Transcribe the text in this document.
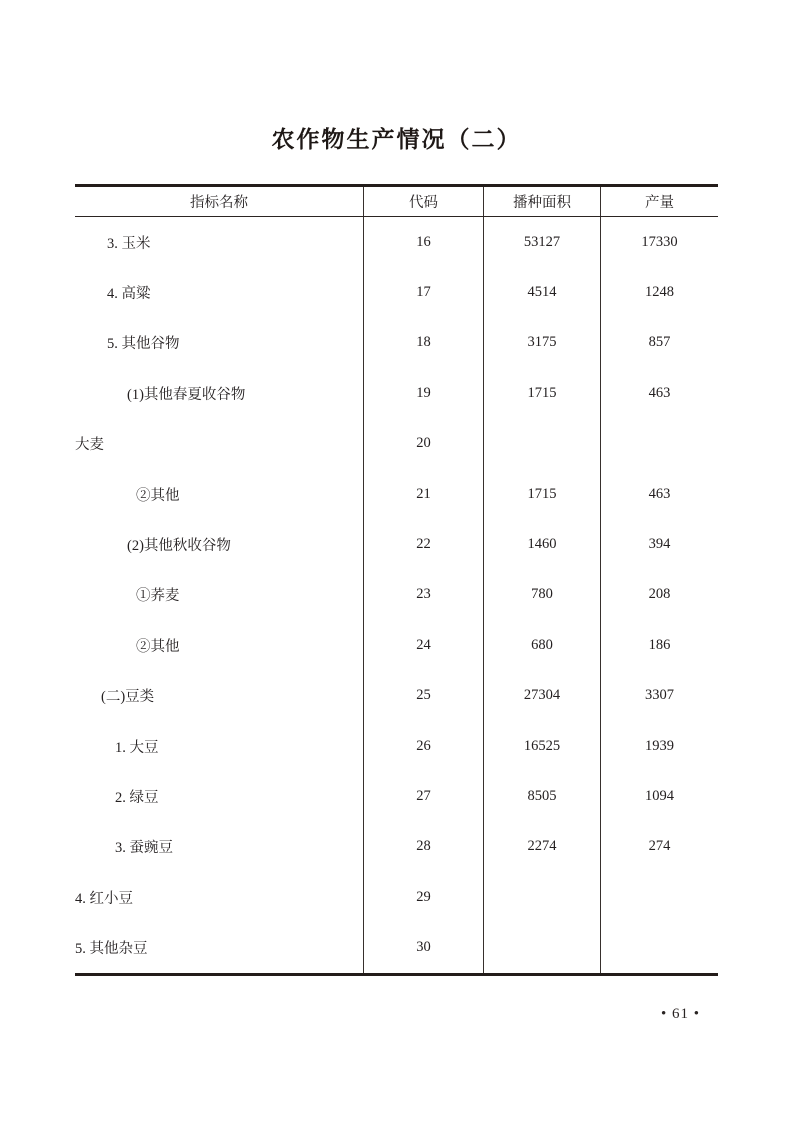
农作物生产情况（二）
指标名称	代码	播种面积	产量
3. 玉米	16	53127	17330
4. 高粱	17	4514	1248
5. 其他谷物	18	3175	857
(1)其他春夏收谷物	19	1715	463
大麦	20
②其他	21	1715	463
(2)其他秋收谷物	22	1460	394
①荞麦	23	780	208
②其他	24	680	186
(二)豆类	25	27304	3307
1. 大豆	26	16525	1939
2. 绿豆	27	8505	1094
3. 蚕豌豆	28	2274	274
4. 红小豆	29
5. 其他杂豆	30
• 61 •
